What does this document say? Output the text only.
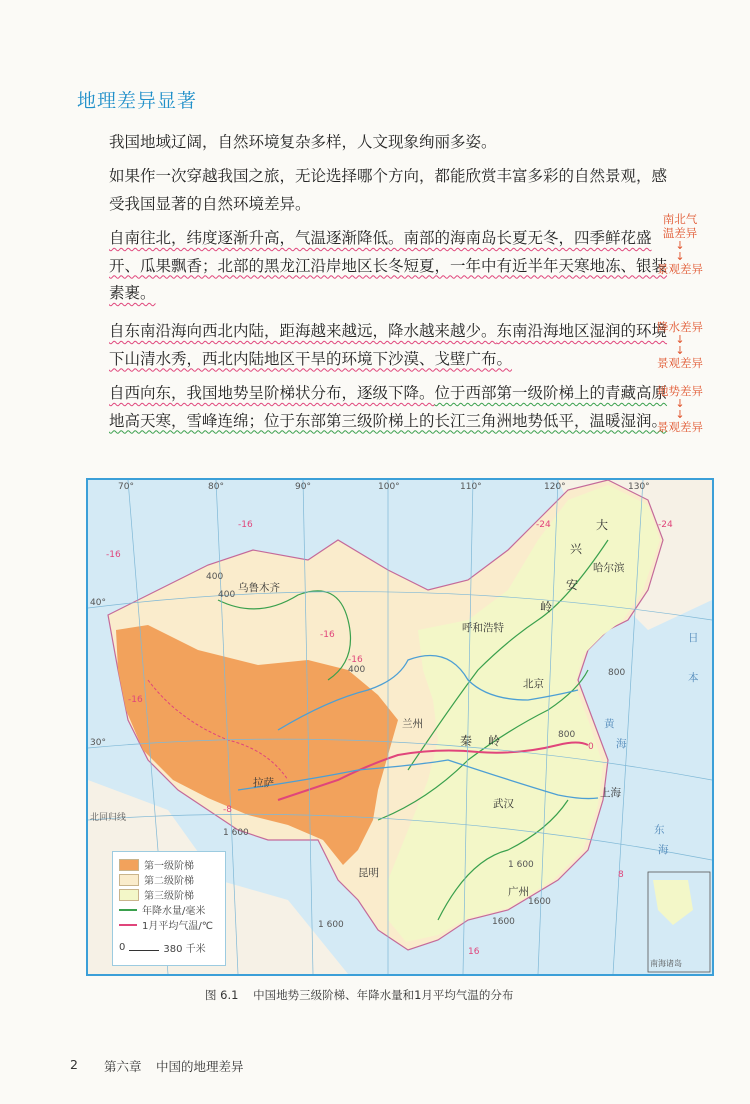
地理差异显著
我国地域辽阔，自然环境复杂多样，人文现象绚丽多姿。
如果作一次穿越我国之旅，无论选择哪个方向，都能欣赏丰富多彩的自然景观，感受我国显著的自然环境差异。
自南往北，纬度逐渐升高，气温逐渐降低。南部的海南岛长夏无冬，四季鲜花盛开、瓜果飘香；北部的黑龙江沿岸地区长冬短夏，一年中有近半年天寒地冻、银装素裹。
自东南沿海向西北内陆，距海越来越远，降水越来越少。东南沿海地区湿润的环境下山清水秀，西北内陆地区干旱的环境下沙漠、戈壁广布。
自西向东，我国地势呈阶梯状分布，逐级下降。位于西部第一级阶梯上的青藏高原地高天寒，雪峰连绵；位于东部第三级阶梯上的长江三角洲地势低平，温暖湿润。
南北气
温差异
↓
↓
景观差异
降水差异
↓
↓
景观差异
地势差异
↓
↓
景观差异
70°	80°	90°	100°	110°	120°	130°
40°
30°
北回归线
乌鲁木齐
哈尔滨
呼和浩特
北京
兰州
拉萨
武汉
上海
昆明
广州
大
兴
安
岭
秦 岭
黄
海
东
海
日
本
南海诸岛
400
400
400
800
800
1 600
1 600
1600
1600
1 600
-16
-16
-16
-16
-16
-24	-24
-8
0
8
16
第一级阶梯
第二级阶梯
第三级阶梯
年降水量/毫米
1月平均气温/℃
0	380 千米
图 6.1 中国地势三级阶梯、年降水量和1月平均气温的分布
2 第六章 中国的地理差异
